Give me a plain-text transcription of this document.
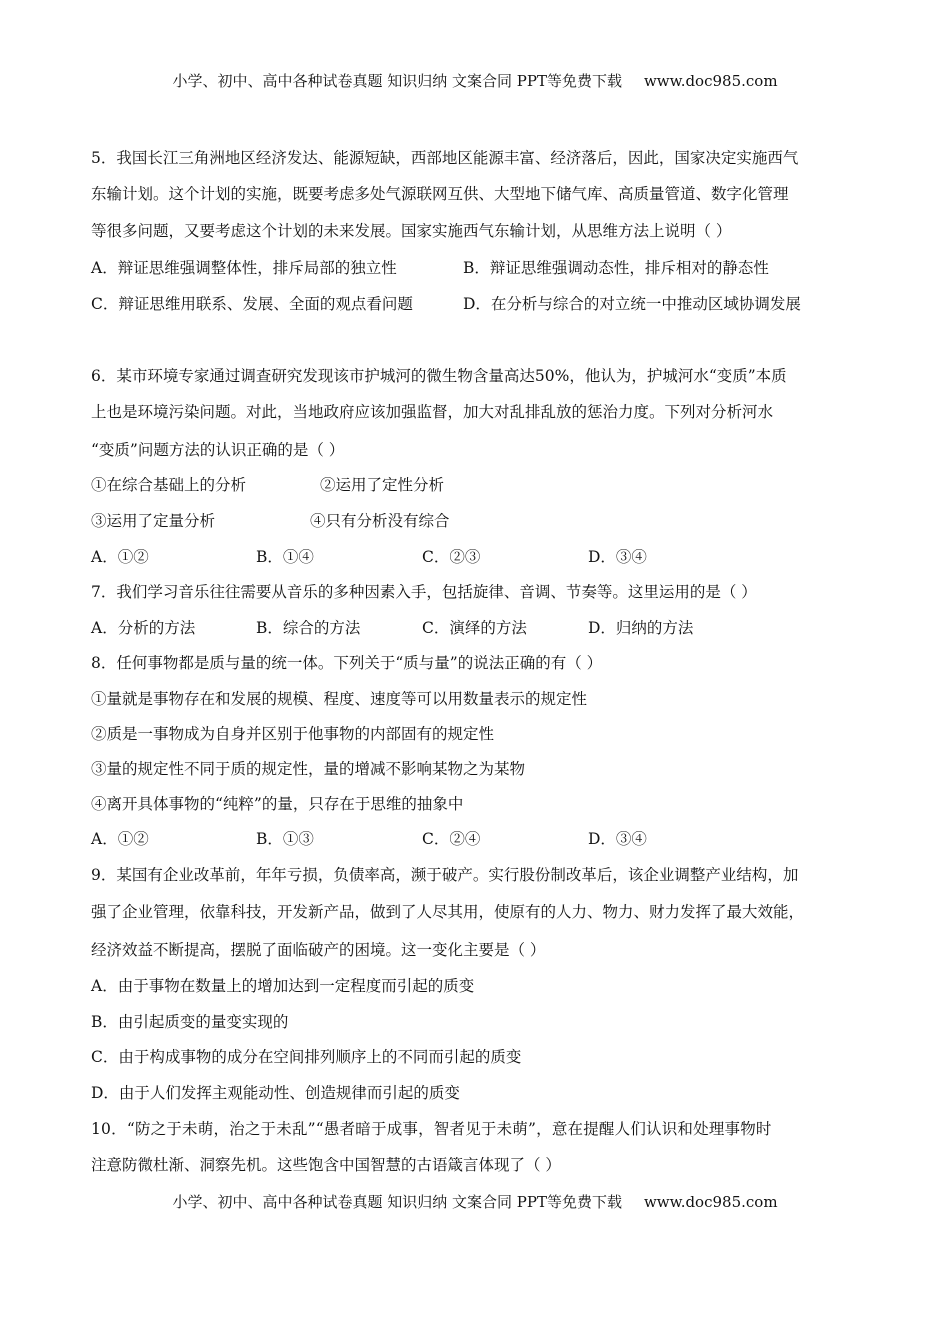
小学、初中、高中各种试卷真题 知识归纳 文案合同 PPT等免费下载 www.doc985.com
5．我国长江三角洲地区经济发达、能源短缺，西部地区能源丰富、经济落后，因此，国家决定实施西气
东输计划。这个计划的实施，既要考虑多处气源联网互供、大型地下储气库、高质量管道、数字化管理
等很多问题，又要考虑这个计划的未来发展。国家实施西气东输计划，从思维方法上说明（ ）
A．辩证思维强调整体性，排斥局部的独立性	B．辩证思维强调动态性，排斥相对的静态性
C．辩证思维用联系、发展、全面的观点看问题	D．在分析与综合的对立统一中推动区域协调发展
6．某市环境专家通过调查研究发现该市护城河的微生物含量高达50%，他认为，护城河水“变质”本质
上也是环境污染问题。对此，当地政府应该加强监督，加大对乱排乱放的惩治力度。下列对分析河水
“变质”问题方法的认识正确的是（ ）
①在综合基础上的分析	②运用了定性分析
③运用了定量分析	④只有分析没有综合
A．①②	B．①④	C．②③	D．③④
7．我们学习音乐往往需要从音乐的多种因素入手，包括旋律、音调、节奏等。这里运用的是（ ）
A．分析的方法	B．综合的方法	C．演绎的方法	D．归纳的方法
8．任何事物都是质与量的统一体。下列关于“质与量”的说法正确的有（ ）
①量就是事物存在和发展的规模、程度、速度等可以用数量表示的规定性
②质是一事物成为自身并区别于他事物的内部固有的规定性
③量的规定性不同于质的规定性，量的增减不影响某物之为某物
④离开具体事物的“纯粹”的量，只存在于思维的抽象中
A．①②	B．①③	C．②④	D．③④
9．某国有企业改革前，年年亏损，负债率高，濒于破产。实行股份制改革后，该企业调整产业结构，加
强了企业管理，依靠科技，开发新产品，做到了人尽其用，使原有的人力、物力、财力发挥了最大效能，
经济效益不断提高，摆脱了面临破产的困境。这一变化主要是（ ）
A．由于事物在数量上的增加达到一定程度而引起的质变
B．由引起质变的量变实现的
C．由于构成事物的成分在空间排列顺序上的不同而引起的质变
D．由于人们发挥主观能动性、创造规律而引起的质变
10．“防之于未萌，治之于未乱”“愚者暗于成事，智者见于未萌”，意在提醒人们认识和处理事物时
注意防微杜渐、洞察先机。这些饱含中国智慧的古语箴言体现了（ ）
小学、初中、高中各种试卷真题 知识归纳 文案合同 PPT等免费下载 www.doc985.com
